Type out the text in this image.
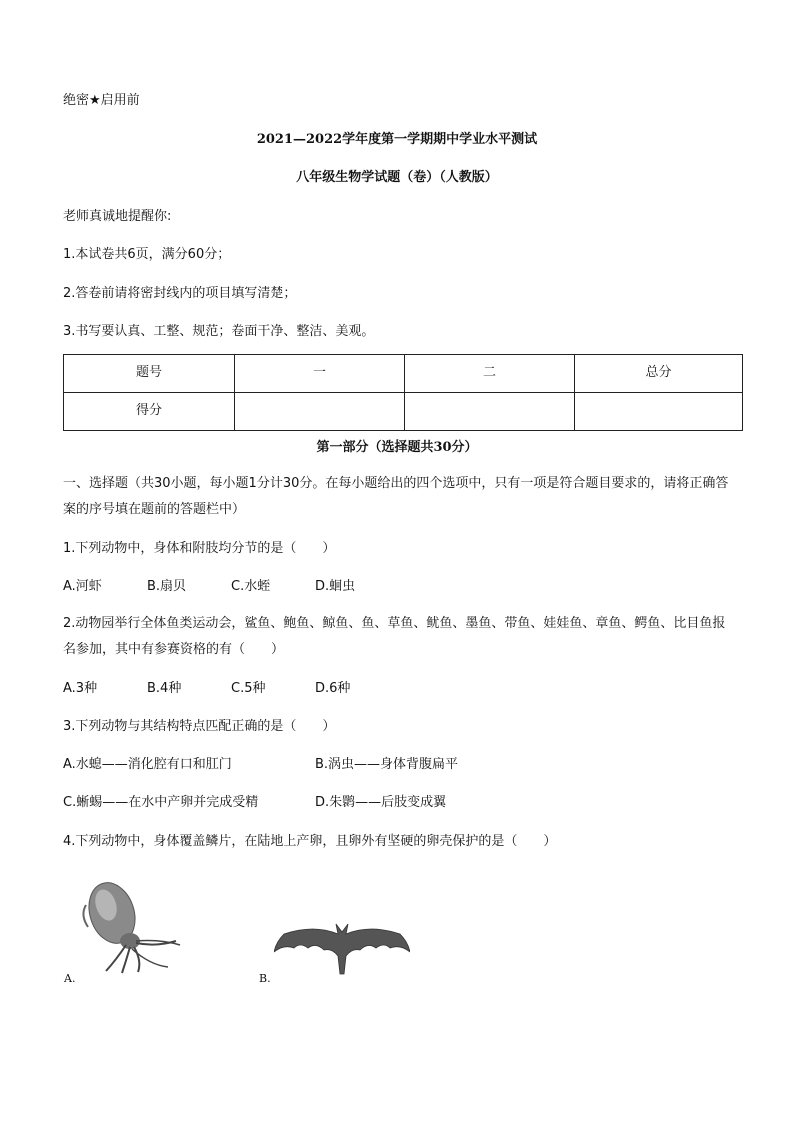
绝密★启用前
2021—2022学年度第一学期期中学业水平测试
八年级生物学试题（卷）（人教版）
老师真诚地提醒你:
1.本试卷共6页，满分60分；
2.答卷前请将密封线内的项目填写清楚；
3.书写要认真、工整、规范；卷面干净、整洁、美观。
题号	一	二	总分
得分			
第一部分（选择题共30分）
一、选择题（共30小题，每小题1分计30分。在每小题给出的四个选项中，只有一项是符合题目要求的，请将正确答案的序号填在题前的答题栏中）
1.下列动物中，身体和附肢均分节的是（　　）
A.河虾	B.扇贝	C.水蛭	D.蛔虫
2.动物园举行全体鱼类运动会，鲨鱼、鲍鱼、鲸鱼、鱼、草鱼、鱿鱼、墨鱼、带鱼、娃娃鱼、章鱼、鳄鱼、比目鱼报名参加，其中有参赛资格的有（　　）
A.3种	B.4种	C.5种	D.6种
3.下列动物与其结构特点匹配正确的是（　　）
A.水螅——消化腔有口和肛门	B.涡虫——身体背腹扁平
C.蜥蜴——在水中产卵并完成受精	D.朱鹮——后肢变成翼
4.下列动物中，身体覆盖鳞片，在陆地上产卵，且卵外有坚硬的卵壳保护的是（　　）
A.	B.
